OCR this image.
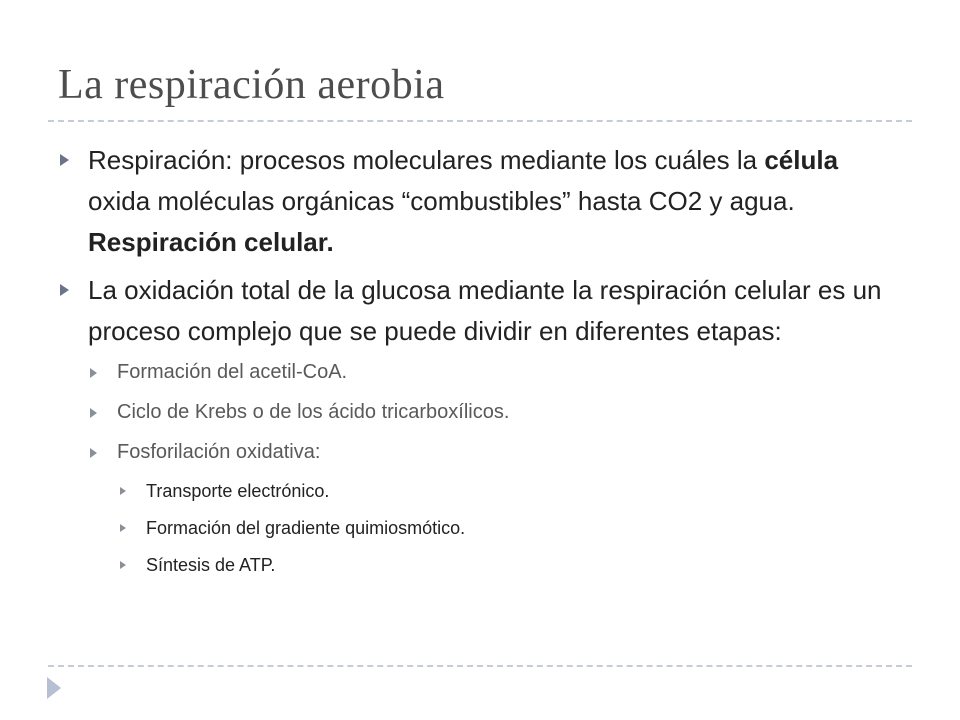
La respiración aerobia
Respiración: procesos moleculares mediante los cuáles la célula oxida moléculas orgánicas “combustibles” hasta CO2 y agua. Respiración celular.
La oxidación total de la glucosa mediante la respiración celular es un proceso complejo que se puede dividir en diferentes etapas:
Formación del acetil-CoA.
Ciclo de Krebs o de los ácido tricarboxílicos.
Fosforilación oxidativa:
Transporte electrónico.
Formación del gradiente quimiosmótico.
Síntesis de ATP.
